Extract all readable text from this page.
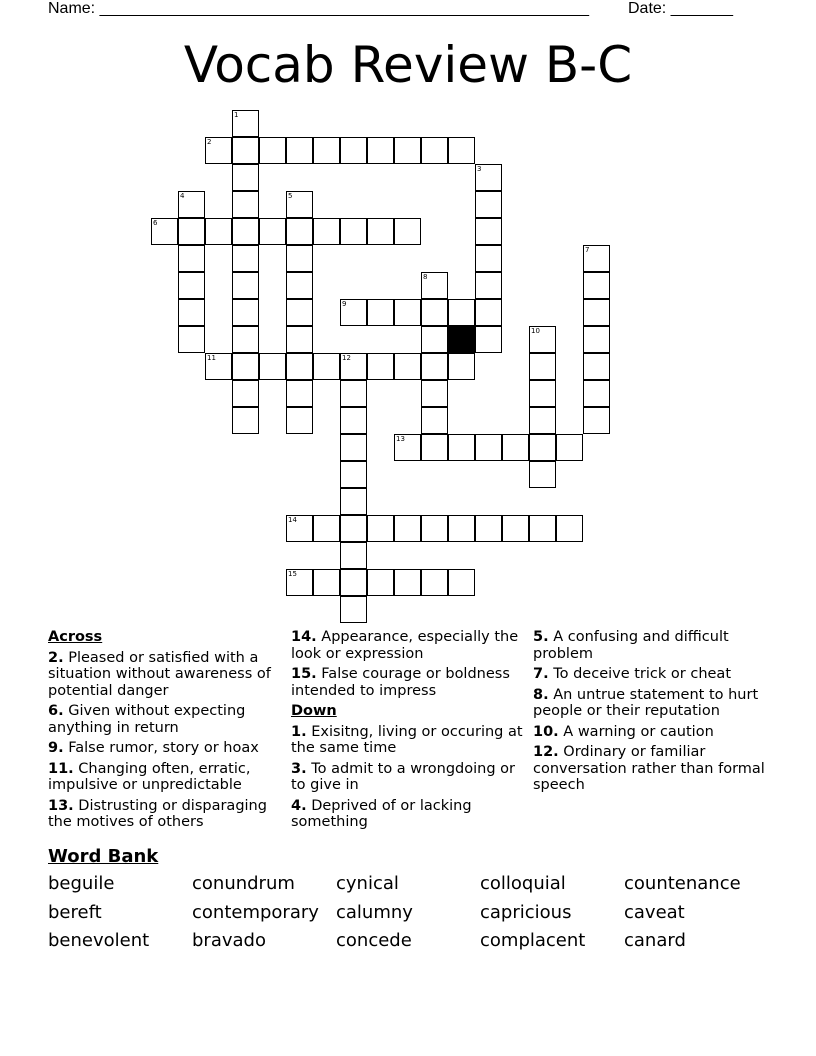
Name: _______________________________________________________ Date: _______
Vocab Review B-C
1
2
3
4	5
6
7
8
9
10
11	12
13
14
15
Across
2. Pleased or satisfied with a situation without awareness of potential danger
6. Given without expecting anything in return
9. False rumor, story or hoax
11. Changing often, erratic, impulsive or unpredictable
13. Distrusting or disparaging the motives of others
14. Appearance, especially the look or expression
15. False courage or boldness intended to impress
Down
1. Exisitng, living or occuring at the same time
3. To admit to a wrongdoing or to give in
4. Deprived of or lacking something
5. A confusing and difficult problem
7. To deceive trick or cheat
8. An untrue statement to hurt people or their reputation
10. A warning or caution
12. Ordinary or familiar conversation rather than formal speech
Word Bank
beguile	conundrum cynical	colloquial	countenance
bereft	contemporary calumny	capricious	caveat
benevolent bravado	concede	complacent canard
